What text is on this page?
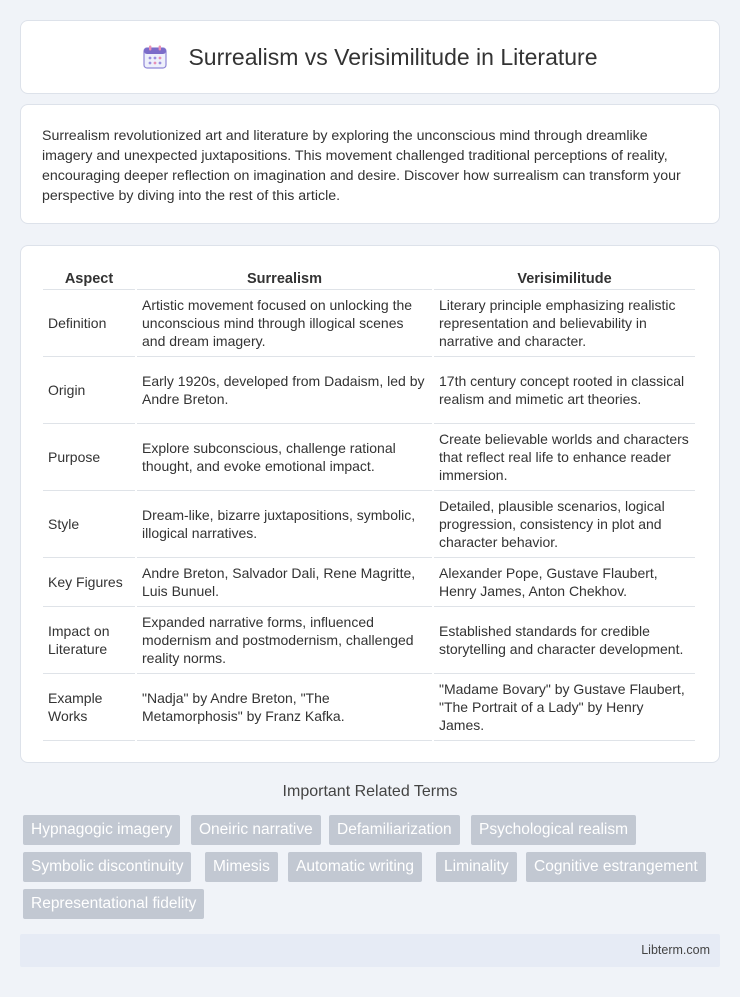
Surrealism vs Verisimilitude in Literature

Surrealism revolutionized art and literature by exploring the unconscious mind through dreamlike imagery and unexpected juxtapositions. This movement challenged traditional perceptions of reality, encouraging deeper reflection on imagination and desire. Discover how surrealism can transform your perspective by diving into the rest of this article.

Aspect	Surrealism	Verisimilitude
Definition	Artistic movement focused on unlocking the unconscious mind through illogical scenes and dream imagery.	Literary principle emphasizing realistic representation and believability in narrative and character.
Origin	Early 1920s, developed from Dadaism, led by Andre Breton.	17th century concept rooted in classical realism and mimetic art theories.
Purpose	Explore subconscious, challenge rational thought, and evoke emotional impact.	Create believable worlds and characters that reflect real life to enhance reader immersion.
Style	Dream-like, bizarre juxtapositions, symbolic, illogical narratives.	Detailed, plausible scenarios, logical progression, consistency in plot and character behavior.
Key Figures	Andre Breton, Salvador Dali, Rene Magritte, Luis Bunuel.	Alexander Pope, Gustave Flaubert, Henry James, Anton Chekhov.
Impact on Literature	Expanded narrative forms, influenced modernism and postmodernism, challenged reality norms.	Established standards for credible storytelling and character development.
Example Works	"Nadja" by Andre Breton, "The Metamorphosis" by Franz Kafka.	"Madame Bovary" by Gustave Flaubert, "The Portrait of a Lady" by Henry James.
Important Related Terms
Hypnagogic imagery	Oneiric narrative	Defamiliarization	Psychological realism
Symbolic discontinuity	Mimesis	Automatic writing	Liminality	Cognitive estrangement
Representational fidelity
Libterm.com
